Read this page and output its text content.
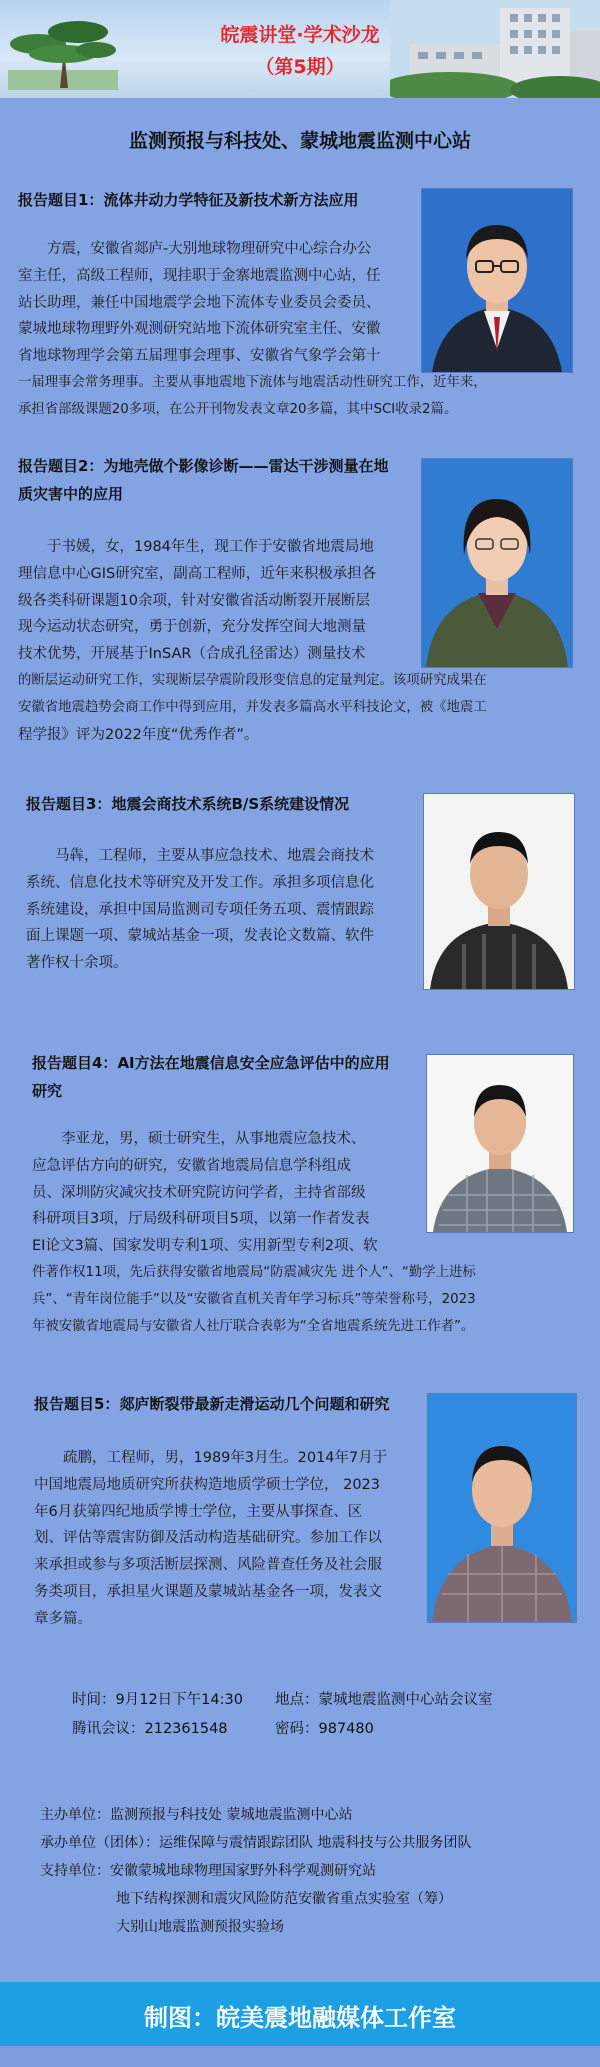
皖震讲堂·学术沙龙
（第5期）
监测预报与科技处、蒙城地震监测中心站
报告题目1：流体井动力学特征及新技术新方法应用
方震，安徽省郯庐-大别地球物理研究中心综合办公
室主任，高级工程师，现挂职于金寨地震监测中心站，任
站长助理，兼任中国地震学会地下流体专业委员会委员、
蒙城地球物理野外观测研究站地下流体研究室主任、安徽
省地球物理学会第五届理事会理事、安徽省气象学会第十
一届理事会常务理事。主要从事地震地下流体与地震活动性研究工作，近年来，
承担省部级课题20多项，在公开刊物发表文章20多篇，其中SCI收录2篇。
报告题目2：为地壳做个影像诊断——雷达干涉测量在地
质灾害中的应用
于书媛，女，1984年生，现工作于安徽省地震局地
理信息中心GIS研究室，副高工程师，近年来积极承担各
级各类科研课题10余项，针对安徽省活动断裂开展断层
现今运动状态研究，勇于创新，充分发挥空间大地测量
技术优势，开展基于InSAR（合成孔径雷达）测量技术
的断层运动研究工作，实现断层孕震阶段形变信息的定量判定。该项研究成果在
安徽省地震趋势会商工作中得到应用，并发表多篇高水平科技论文，被《地震工
程学报》评为2022年度“优秀作者”。
报告题目3：地震会商技术系统B/S系统建设情况
马犇，工程师，主要从事应急技术、地震会商技术
系统、信息化技术等研究及开发工作。承担多项信息化
系统建设，承担中国局监测司专项任务五项、震情跟踪
面上课题一项、蒙城站基金一项，发表论文数篇、软件
著作权十余项。
报告题目4：AI方法在地震信息安全应急评估中的应用
研究
李亚龙，男，硕士研究生，从事地震应急技术、
应急评估方向的研究，安徽省地震局信息学科组成
员、深圳防灾减灾技术研究院访问学者，主持省部级
科研项目3项，厅局级科研项目5项，以第一作者发表
EI论文3篇、国家发明专利1项、实用新型专利2项、软
件著作权11项，先后获得安徽省地震局“防震减灾先 进个人”、“勤学上进标
兵”、“青年岗位能手”以及“安徽省直机关青年学习标兵”等荣誉称号，2023
年被安徽省地震局与安徽省人社厅联合表彰为“全省地震系统先进工作者”。
报告题目5：郯庐断裂带最新走滑运动几个问题和研究
疏鹏，工程师，男，1989年3月生。2014年7月于
中国地震局地质研究所获构造地质学硕士学位， 2023
年6月获第四纪地质学博士学位，主要从事探查、区
划、评估等震害防御及活动构造基础研究。参加工作以
来承担或参与多项活断层探测、风险普查任务及社会服
务类项目，承担星火课题及蒙城站基金各一项，发表文
章多篇。
时间：9月12日下午14:30 地点：蒙城地震监测中心站会议室
腾讯会议：212361548	密码：987480
主办单位：监测预报与科技处 蒙城地震监测中心站
承办单位（团体）：运维保障与震情跟踪团队 地震科技与公共服务团队
支持单位：安徽蒙城地球物理国家野外科学观测研究站
地下结构探测和震灾风险防范安徽省重点实验室（筹）
大别山地震监测预报实验场
制图：皖美震地融媒体工作室
